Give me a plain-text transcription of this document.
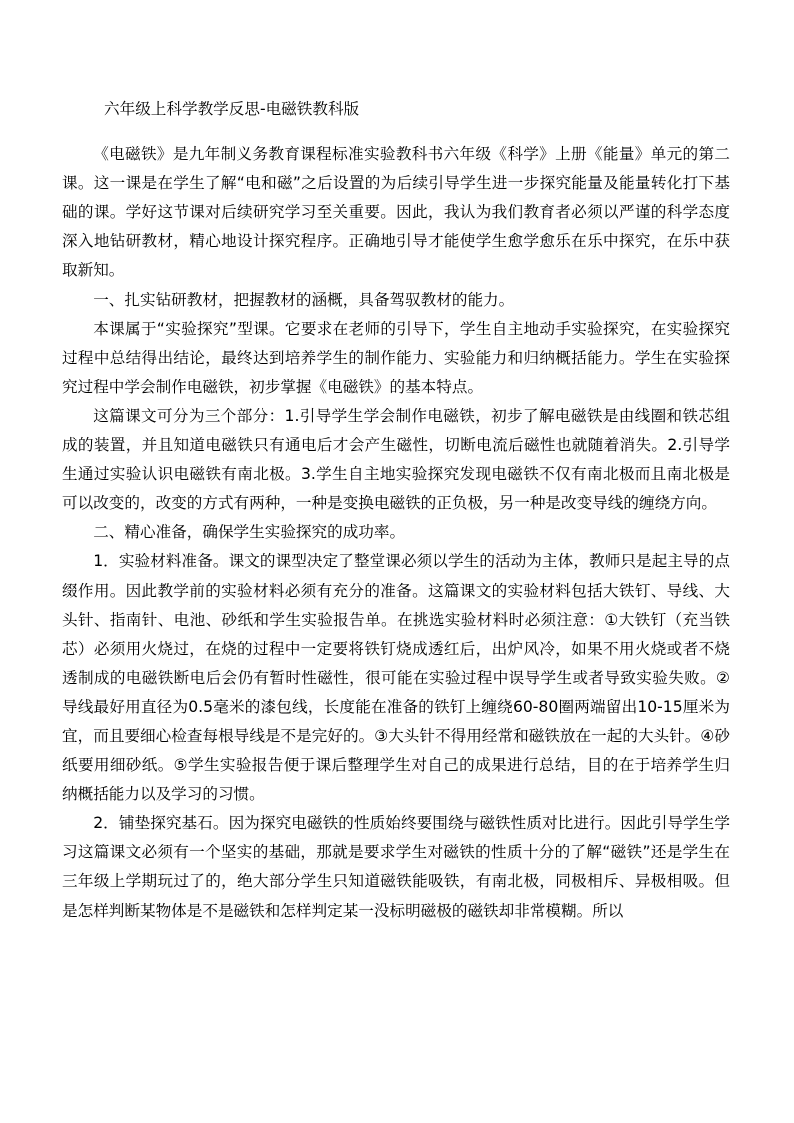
六年级上科学教学反思-电磁铁教科版

《电磁铁》是九年制义务教育课程标准实验教科书六年级《科学》上册《能量》单元的第二课。这一课是在学生了解“电和磁”之后设置的为后续引导学生进一步探究能量及能量转化打下基础的课。学好这节课对后续研究学习至关重要。因此，我认为我们教育者必须以严谨的科学态度深入地钻研教材，精心地设计探究程序。正确地引导才能使学生愈学愈乐在乐中探究，在乐中获取新知。

一、扎实钻研教材，把握教材的涵概，具备驾驭教材的能力。

本课属于“实验探究”型课。它要求在老师的引导下，学生自主地动手实验探究，在实验探究过程中总结得出结论，最终达到培养学生的制作能力、实验能力和归纳概括能力。学生在实验探究过程中学会制作电磁铁，初步掌握《电磁铁》的基本特点。

这篇课文可分为三个部分：1.引导学生学会制作电磁铁，初步了解电磁铁是由线圈和铁芯组成的装置，并且知道电磁铁只有通电后才会产生磁性，切断电流后磁性也就随着消失。2.引导学生通过实验认识电磁铁有南北极。3.学生自主地实验探究发现电磁铁不仅有南北极而且南北极是可以改变的，改变的方式有两种，一种是变换电磁铁的正负极，另一种是改变导线的缠绕方向。

二、精心准备，确保学生实验探究的成功率。

1．实验材料准备。课文的课型决定了整堂课必须以学生的活动为主体，教师只是起主导的点缀作用。因此教学前的实验材料必须有充分的准备。这篇课文的实验材料包括大铁钉、导线、大头针、指南针、电池、砂纸和学生实验报告单。在挑选实验材料时必须注意：①大铁钉（充当铁芯）必须用火烧过，在烧的过程中一定要将铁钉烧成透红后，出炉风冷，如果不用火烧或者不烧透制成的电磁铁断电后会仍有暂时性磁性，很可能在实验过程中误导学生或者导致实验失败。②导线最好用直径为0.5毫米的漆包线，长度能在准备的铁钉上缠绕60-80圈两端留出10-15厘米为宜，而且要细心检查每根导线是不是完好的。③大头针不得用经常和磁铁放在一起的大头针。④砂纸要用细砂纸。⑤学生实验报告便于课后整理学生对自己的成果进行总结，目的在于培养学生归纳概括能力以及学习的习惯。

2．铺垫探究基石。因为探究电磁铁的性质始终要围绕与磁铁性质对比进行。因此引导学生学习这篇课文必须有一个坚实的基础，那就是要求学生对磁铁的性质十分的了解“磁铁”还是学生在三年级上学期玩过了的，绝大部分学生只知道磁铁能吸铁，有南北极，同极相斥、异极相吸。但是怎样判断某物体是不是磁铁和怎样判定某一没标明磁极的磁铁却非常模糊。所以
